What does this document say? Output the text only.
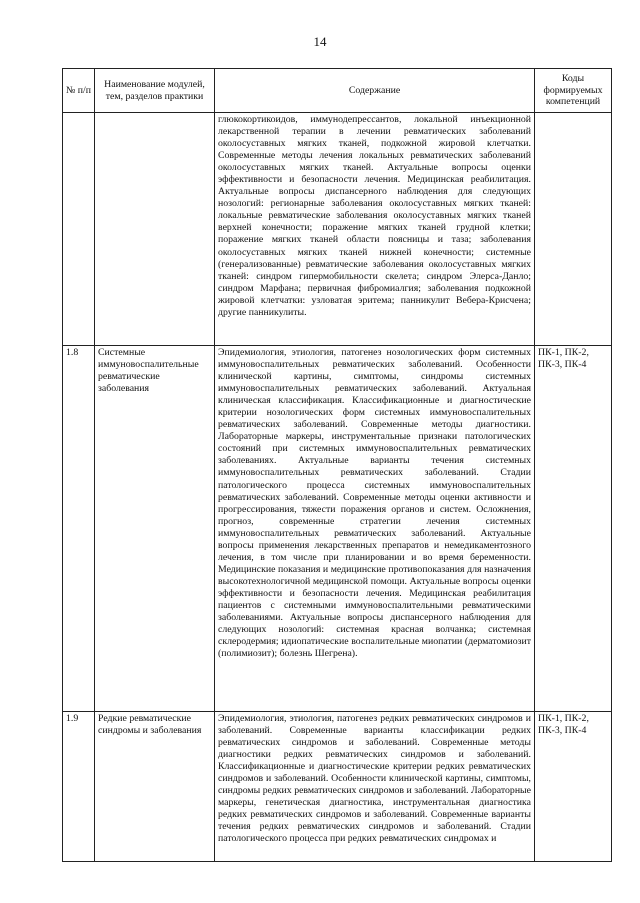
14
№ п/п	Наименование модулей, тем, разделов практики	Содержание	Коды формируемых компетенций
		глюкокортикоидов, иммунодепрессантов, локальной инъекционной лекарственной терапии в лечении ревматических заболеваний околосуставных мягких тканей, подкожной жировой клетчатки. Современные методы лечения локальных ревматических заболеваний околосуставных мягких тканей. Актуальные вопросы оценки эффективности и безопасности лечения. Медицинская реабилитация. Актуальные вопросы диспансерного наблюдения для следующих нозологий: регионарные заболевания околосуставных мягких тканей: локальные ревматические заболевания околосуставных мягких тканей верхней конечности; поражение мягких тканей грудной клетки; поражение мягких тканей области поясницы и таза; заболевания околосуставных мягких тканей нижней конечности; системные (генерализованные) ревматические заболевания околосуставных мягких тканей: синдром гипермобильности скелета; синдром Элерса-Данло; синдром Марфана; первичная фибромиалгия; заболевания подкожной жировой клетчатки: узловатая эритема; панникулит Вебера-Крисчена; другие панникулиты.	
1.8	Системные иммуновоспалительные ревматические заболевания	Эпидемиология, этиология, патогенез нозологических форм системных иммуновоспалительных ревматических заболеваний. Особенности клинической картины, симптомы, синдромы системных иммуновоспалительных ревматических заболеваний. Актуальная клиническая классификация. Классификационные и диагностические критерии нозологических форм системных иммуновоспалительных ревматических заболеваний. Современные методы диагностики. Лабораторные маркеры, инструментальные признаки патологических состояний при системных иммуновоспалительных ревматических заболеваниях. Актуальные варианты течения системных иммуновоспалительных ревматических заболеваний. Стадии патологического процесса системных иммуновоспалительных ревматических заболеваний. Современные методы оценки активности и прогрессирования, тяжести поражения органов и систем. Осложнения, прогноз, современные стратегии лечения системных иммуновоспалительных ревматических заболеваний. Актуальные вопросы применения лекарственных препаратов и немедикаментозного лечения, в том числе при планировании и во время беременности. Медицинские показания и медицинские противопоказания для назначения высокотехнологичной медицинской помощи. Актуальные вопросы оценки эффективности и безопасности лечения. Медицинская реабилитация пациентов с системными иммуновоспалительными ревматическими заболеваниями. Актуальные вопросы диспансерного наблюдения для следующих нозологий: системная красная волчанка; системная склеродермия; идиопатические воспалительные миопатии (дерматомиозит (полимиозит); болезнь Шегрена).	ПК-1, ПК-2, ПК-3, ПК-4
1.9	Редкие ревматические синдромы и заболевания	Эпидемиология, этиология, патогенез редких ревматических синдромов и заболеваний. Современные варианты классификации редких ревматических синдромов и заболеваний. Современные методы диагностики редких ревматических синдромов и заболеваний. Классификационные и диагностические критерии редких ревматических синдромов и заболеваний. Особенности клинической картины, симптомы, синдромы редких ревматических синдромов и заболеваний. Лабораторные маркеры, генетическая диагностика, инструментальная диагностика редких ревматических синдромов и заболеваний. Современные варианты течения редких ревматических синдромов и заболеваний. Стадии патологического процесса при редких ревматических синдромах и	ПК-1, ПК-2, ПК-3, ПК-4
